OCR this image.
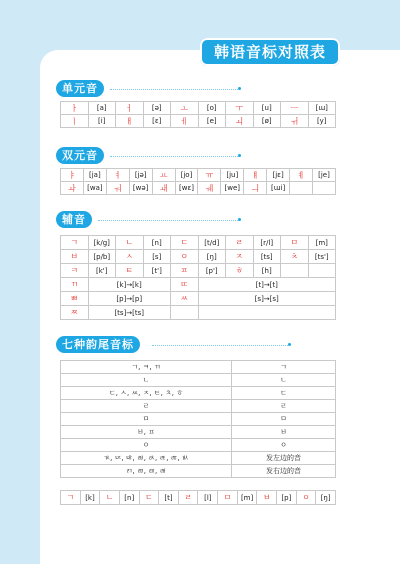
韩语音标对照表
单元音
ㅏ	[a]	ㅓ	[ə]	ㅗ	[o]	ㅜ	[u]	ㅡ	[ɯ]
ㅣ	[i]	ㅐ	[ɛ]	ㅔ	[e]	ㅚ	[ø]	ㅟ	[y]
双元音
ㅑ	[ja]	ㅕ	[jə]	ㅛ	[jo]	ㅠ	[ju]	ㅒ	[jɛ]	ㅖ	[je]
ㅘ	[wa]	ㅝ	[wə]	ㅙ	[wɛ]	ㅞ	[we]	ㅢ	[ɯi]		
辅音
ㄱ	[k/g]	ㄴ	[n]	ㄷ	[t/d]	ㄹ	[r/l]	ㅁ	[m]
ㅂ	[p/b]	ㅅ	[s]	ㅇ	[ŋ]	ㅈ	[ts]	ㅊ	[ts']
ㅋ	[k']	ㅌ	[t']	ㅍ	[p']	ㅎ	[h]		
ㄲ	[k]→[k]			ㄸ	[t]→[t]				
ㅃ	[p]→[p]			ㅆ	[s]→[s]				
ㅉ	[ts]→[ts]								
七种韵尾音标
ㄱ, ㅋ, ㄲ	ㄱ
ㄴ	ㄴ
ㄷ, ㅅ, ㅆ, ㅈ, ㅌ, ㅊ, ㅎ	ㄷ
ㄹ	ㄹ
ㅁ	ㅁ
ㅂ, ㅍ	ㅂ
ㅇ	ㅇ
ㄳ, ㄵ, ㄶ, ㄼ, ㄽ, ㄾ, ㅀ, ㅄ	发左边的音
ㄺ, ㄻ, ㄿ, ㄼ	发右边的音
ㄱ	[k]	ㄴ	[n]	ㄷ	[t]	ㄹ	[l]	ㅁ	[m]	ㅂ	[p]	ㅇ	[ŋ]
